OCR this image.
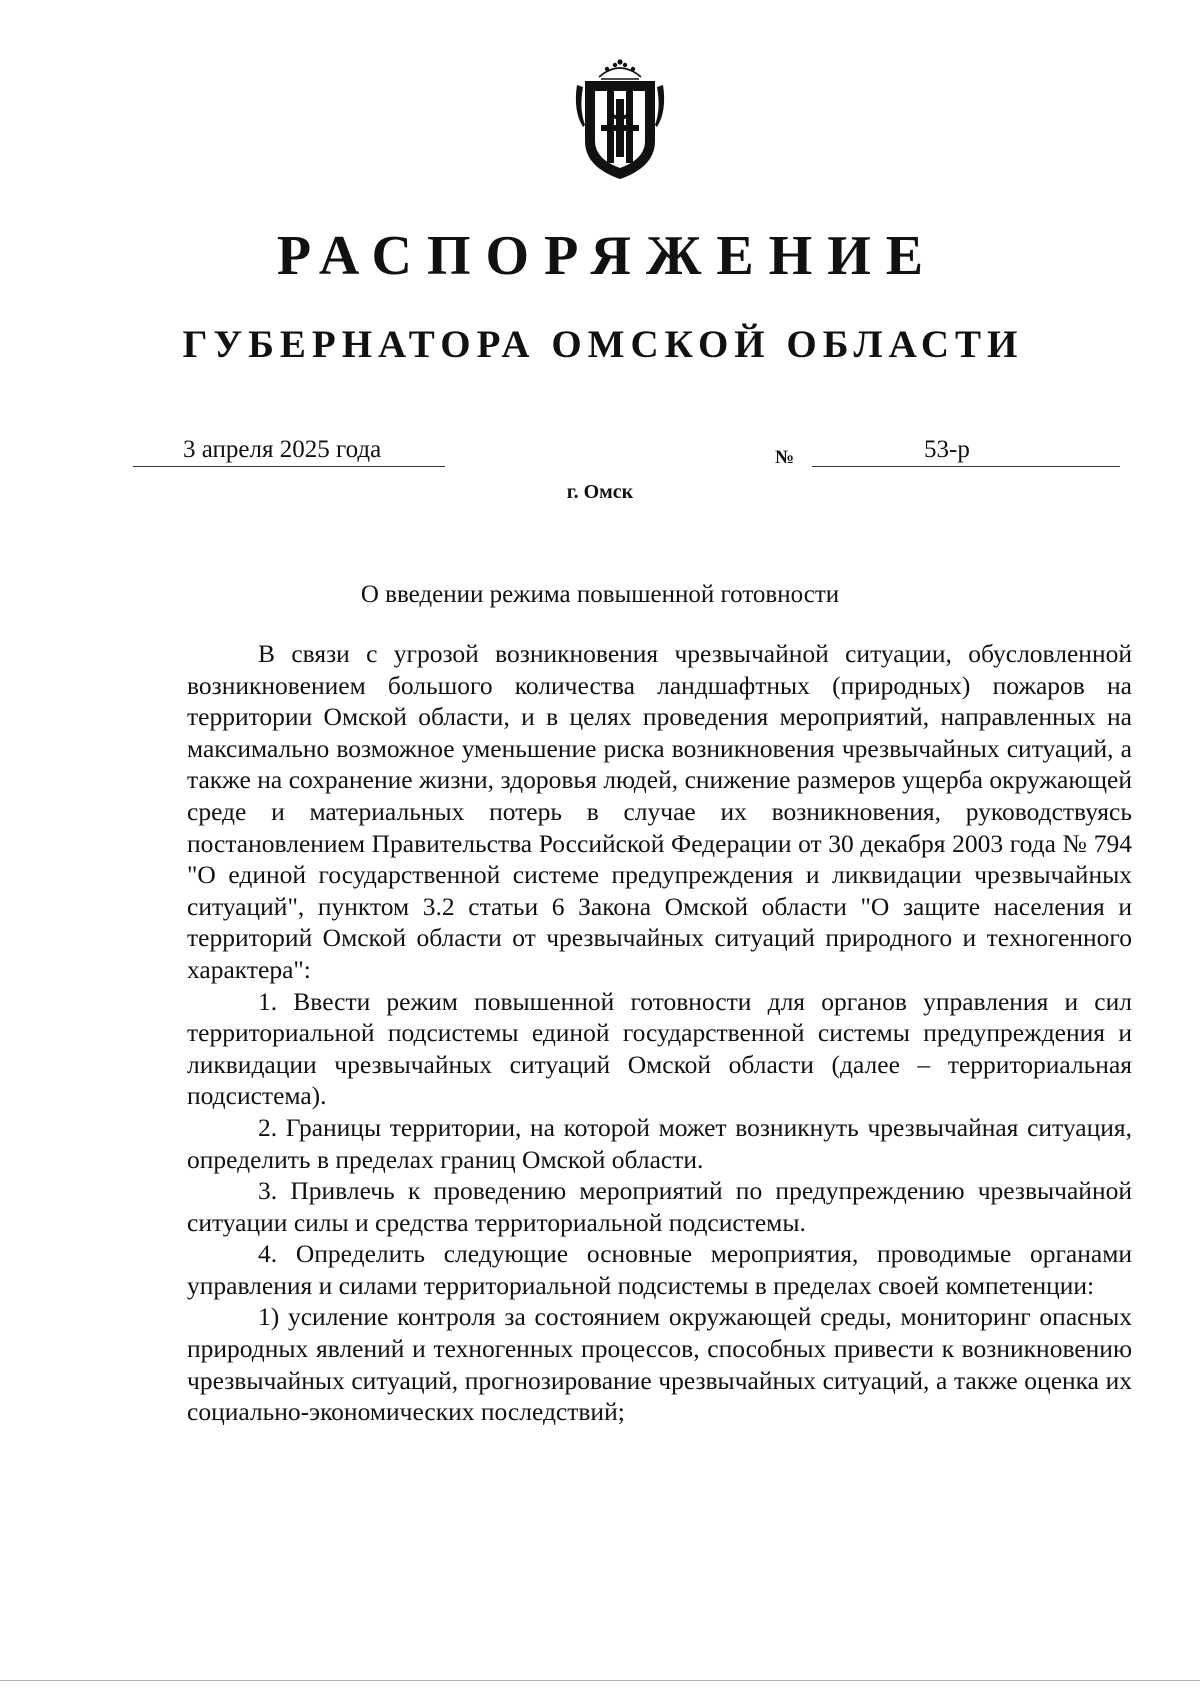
РАСПОРЯЖЕНИЕ
ГУБЕРНАТОРА ОМСКОЙ ОБЛАСТИ
3 апреля 2025 года	№	53-р
г. Омск
О введении режима повышенной готовности

В связи с угрозой возникновения чрезвычайной ситуации, обусловленной возникновением большого количества ландшафтных (природных) пожаров на территории Омской области, и в целях проведения мероприятий, направленных на максимально возможное уменьшение риска возникновения чрезвычайных ситуаций, а также на сохранение жизни, здоровья людей, снижение размеров ущерба окружающей среде и материальных потерь в случае их возникновения, руководствуясь постановлением Правительства Российской Федерации от 30 декабря 2003 года № 794 "О единой государственной системе предупреждения и ликвидации чрезвычайных ситуаций", пунктом 3.2 статьи 6 Закона Омской области "О защите населения и территорий Омской области от чрезвычайных ситуаций природного и техногенного характера":

1. Ввести режим повышенной готовности для органов управления и сил территориальной подсистемы единой государственной системы предупреждения и ликвидации чрезвычайных ситуаций Омской области (далее – территориальная подсистема).

2. Границы территории, на которой может возникнуть чрезвычайная ситуация, определить в пределах границ Омской области.

3. Привлечь к проведению мероприятий по предупреждению чрезвычайной ситуации силы и средства территориальной подсистемы.

4. Определить следующие основные мероприятия, проводимые органами управления и силами территориальной подсистемы в пределах своей компетенции:

1) усиление контроля за состоянием окружающей среды, мониторинг опасных природных явлений и техногенных процессов, способных привести к возникновению чрезвычайных ситуаций, прогнозирование чрезвычайных ситуаций, а также оценка их социально-экономических последствий;
